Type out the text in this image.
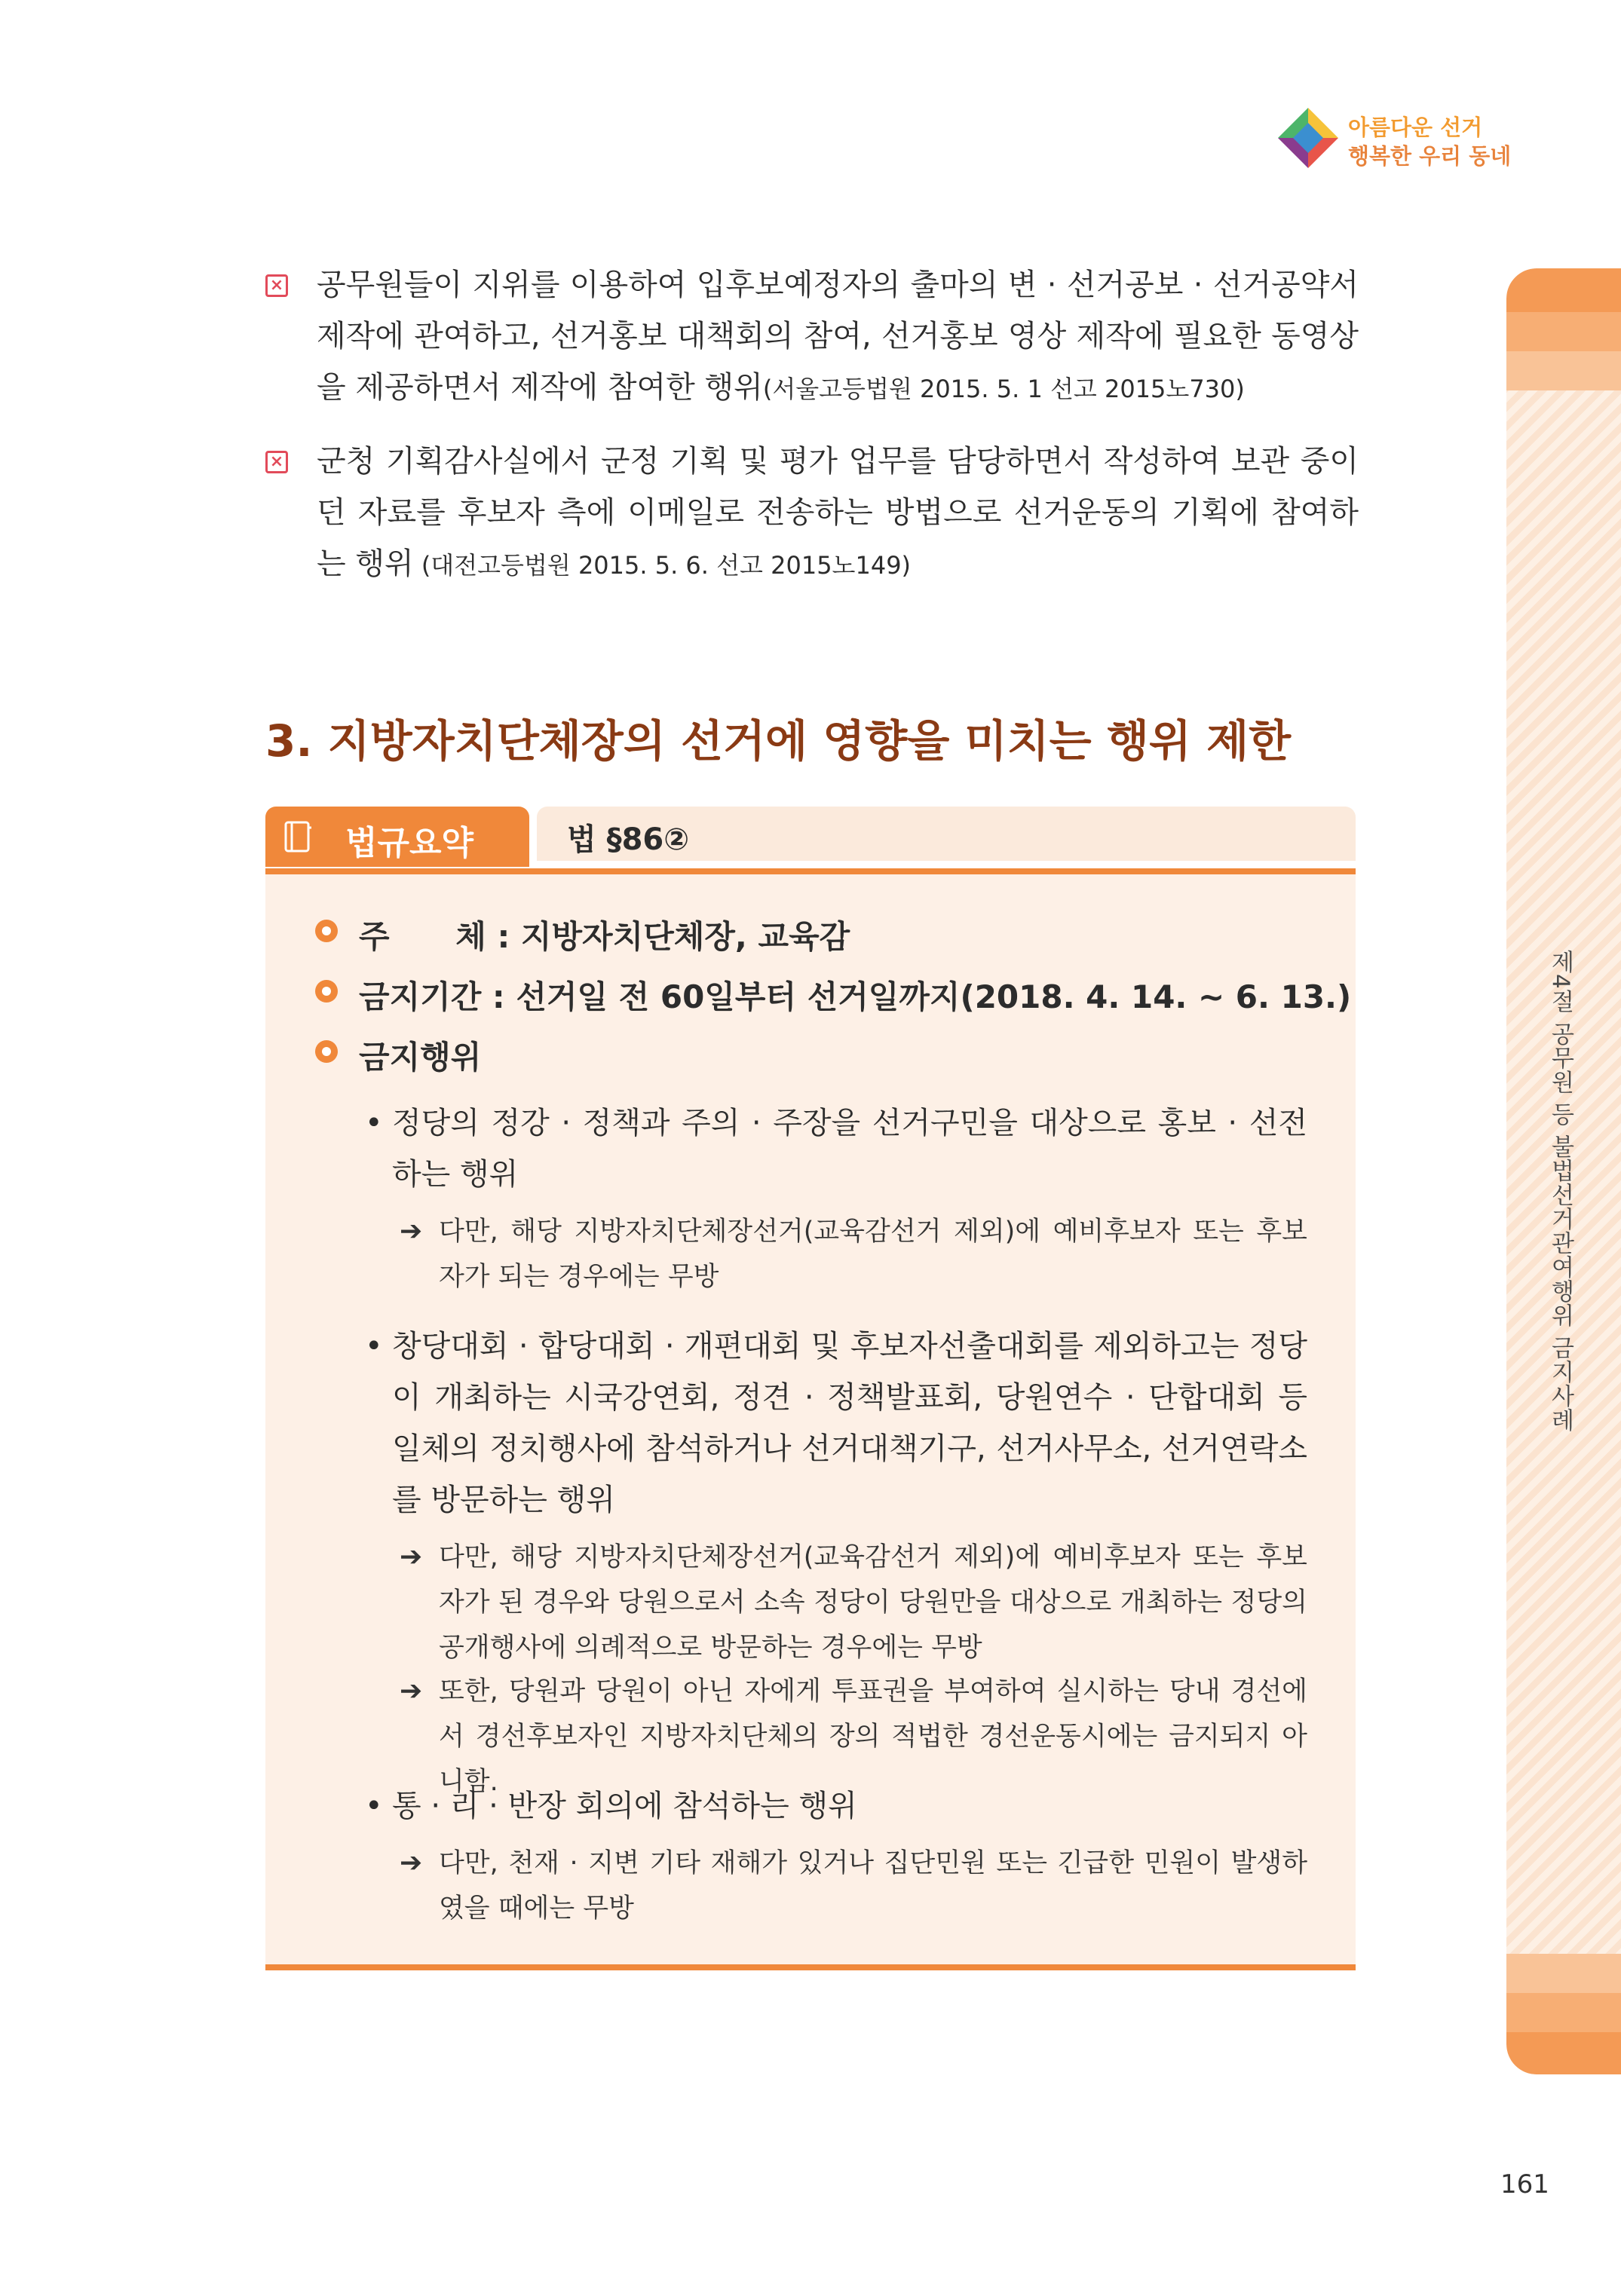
아름다운 선거
행복한 우리 동네
제4절 공무원 등 불법선거관여행위 금지사례
× 공무원들이 지위를 이용하여 입후보예정자의 출마의 변 · 선거공보 · 선거공약서 제작에 관여하고, 선거홍보 대책회의 참여, 선거홍보 영상 제작에 필요한 동영상을 제공하면서 제작에 참여한 행위(서울고등법원 2015. 5. 1 선고 2015노730)
× 군청 기획감사실에서 군정 기획 및 평가 업무를 담당하면서 작성하여 보관 중이던 자료를 후보자 측에 이메일로 전송하는 방법으로 선거운동의 기획에 참여하는 행위 (대전고등법원 2015. 5. 6. 선고 2015노149)
3. 지방자치단체장의 선거에 영향을 미치는 행위 제한
법규요약	법 §86②
주      체 : 지방자치단체장, 교육감
금지기간 : 선거일 전 60일부터 선거일까지(2018. 4. 14. ~ 6. 13.)
금지행위
• 정당의 정강 · 정책과 주의 · 주장을 선거구민을 대상으로 홍보 · 선전하는 행위
➔ 다만, 해당 지방자치단체장선거(교육감선거 제외)에 예비후보자 또는 후보자가 되는 경우에는 무방
• 창당대회 · 합당대회 · 개편대회 및 후보자선출대회를 제외하고는 정당이 개최하는 시국강연회, 정견 · 정책발표회, 당원연수 · 단합대회 등 일체의 정치행사에 참석하거나 선거대책기구, 선거사무소, 선거연락소를 방문하는 행위
➔ 다만, 해당 지방자치단체장선거(교육감선거 제외)에 예비후보자 또는 후보자가 된 경우와 당원으로서 소속 정당이 당원만을 대상으로 개최하는 정당의 공개행사에 의례적으로 방문하는 경우에는 무방
➔ 또한, 당원과 당원이 아닌 자에게 투표권을 부여하여 실시하는 당내 경선에서 경선후보자인 지방자치단체의 장의 적법한 경선운동시에는 금지되지 아니함.
• 통 · 리 · 반장 회의에 참석하는 행위
➔ 다만, 천재 · 지변 기타 재해가 있거나 집단민원 또는 긴급한 민원이 발생하였을 때에는 무방
161
